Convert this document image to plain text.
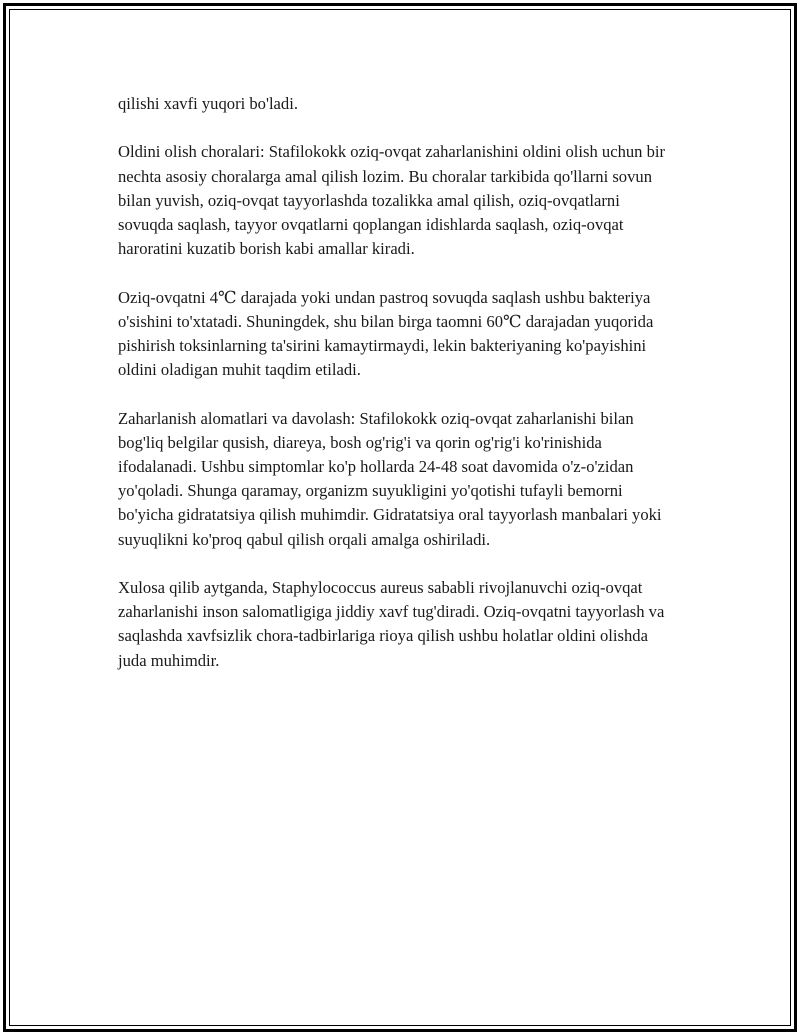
qilishi xavfi yuqori bo'ladi.

Oldini olish choralari: Stafilokokk oziq-ovqat zaharlanishini oldini olish uchun bir nechta asosiy choralarga amal qilish lozim. Bu choralar tarkibida qo'llarni sovun bilan yuvish, oziq-ovqat tayyorlashda tozalikka amal qilish, oziq-ovqatlarni sovuqda saqlash, tayyor ovqatlarni qoplangan idishlarda saqlash, oziq-ovqat haroratini kuzatib borish kabi amallar kiradi.

Oziq-ovqatni 4℃ darajada yoki undan pastroq sovuqda saqlash ushbu bakteriya o'sishini to'xtatadi. Shuningdek, shu bilan birga taomni 60℃ darajadan yuqorida pishirish toksinlarning ta'sirini kamaytirmaydi, lekin bakteriyaning ko'payishini oldini oladigan muhit taqdim etiladi.

Zaharlanish alomatlari va davolash: Stafilokokk oziq-ovqat zaharlanishi bilan bog'liq belgilar qusish, diareya, bosh og'rig'i va qorin og'rig'i ko'rinishida ifodalanadi. Ushbu simptomlar ko'p hollarda 24-48 soat davomida o'z-o'zidan yo'qoladi. Shunga qaramay, organizm suyukligini yo'qotishi tufayli bemorni bo'yicha gidratatsiya qilish muhimdir. Gidratatsiya oral tayyorlash manbalari yoki suyuqlikni ko'proq qabul qilish orqali amalga oshiriladi.

Xulosa qilib aytganda, Staphylococcus aureus sababli rivojlanuvchi oziq-ovqat zaharlanishi inson salomatligiga jiddiy xavf tug'diradi. Oziq-ovqatni tayyorlash va saqlashda xavfsizlik chora-tadbirlariga rioya qilish ushbu holatlar oldini olishda juda muhimdir.
